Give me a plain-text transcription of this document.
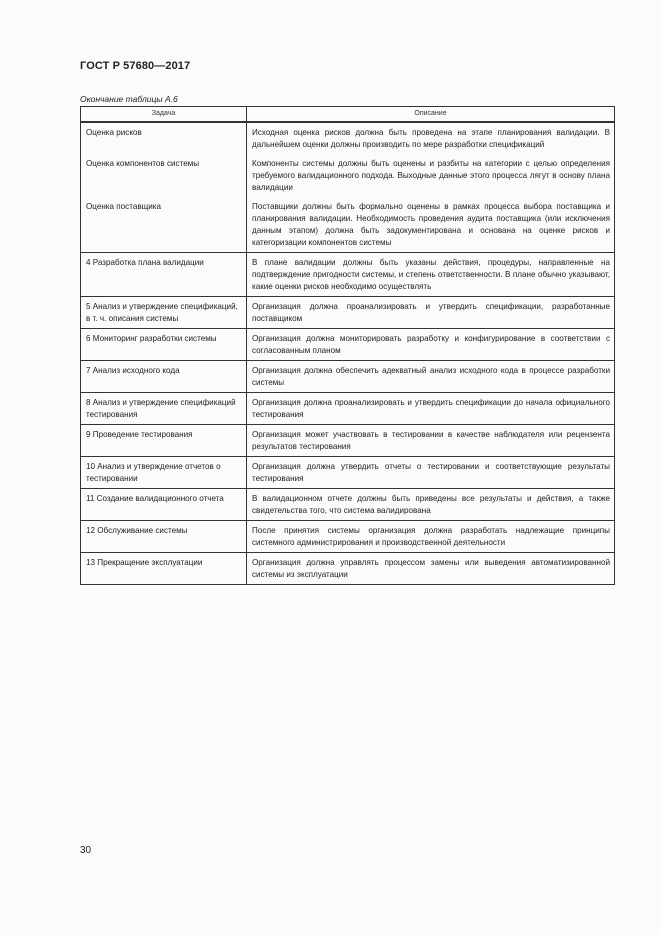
ГОСТ Р 57680—2017
Окончание таблицы А.6
Задача	Описание
Оценка рисков	Исходная оценка рисков должна быть проведена на этапе планирования валидации. В дальнейшем оценки должны производить по мере разработки спецификаций
Оценка компонентов системы	Компоненты системы должны быть оценены и разбиты на категории с целью определения требуемого валидационного подхода. Выходные данные этого процесса лягут в основу плана валидации
Оценка поставщика	Поставщики должны быть формально оценены в рамках процесса выбора поставщика и планирования валидации. Необходимость проведения аудита поставщика (или исключения данным этапом) должна быть задокументирована и основана на оценке рисков и категоризации компонентов системы
4 Разработка плана валидации	В плане валидации должны быть указаны действия, процедуры, направленные на подтверждение пригодности системы, и степень ответственности. В плане обычно указывают, какие оценки рисков необходимо осуществлять
5 Анализ и утверждение спецификаций, в т. ч. описания системы	Организация должна проанализировать и утвердить спецификации, разработанные поставщиком
6 Мониторинг разработки системы	Организация должна мониторировать разработку и конфигурирование в соответствии с согласованным планом
7 Анализ исходного кода	Организация должна обеспечить адекватный анализ исходного кода в процессе разработки системы
8 Анализ и утверждение спецификаций тестирования	Организация должна проанализировать и утвердить спецификации до начала официального тестирования
9 Проведение тестирования	Организация может участвовать в тестировании в качестве наблюдателя или рецензента результатов тестирования
10 Анализ и утверждение отчетов о тестировании	Организация должна утвердить отчеты о тестировании и соответствующие результаты тестирования
11 Создание валидационного отчета	В валидационном отчете должны быть приведены все результаты и действия, а также свидетельства того, что система валидирована
12 Обслуживание системы	После принятия системы организация должна разработать надлежащие принципы системного администрирования и производственной деятельности
13 Прекращение эксплуатации	Организация должна управлять процессом замены или выведения автоматизированной системы из эксплуатации
30
